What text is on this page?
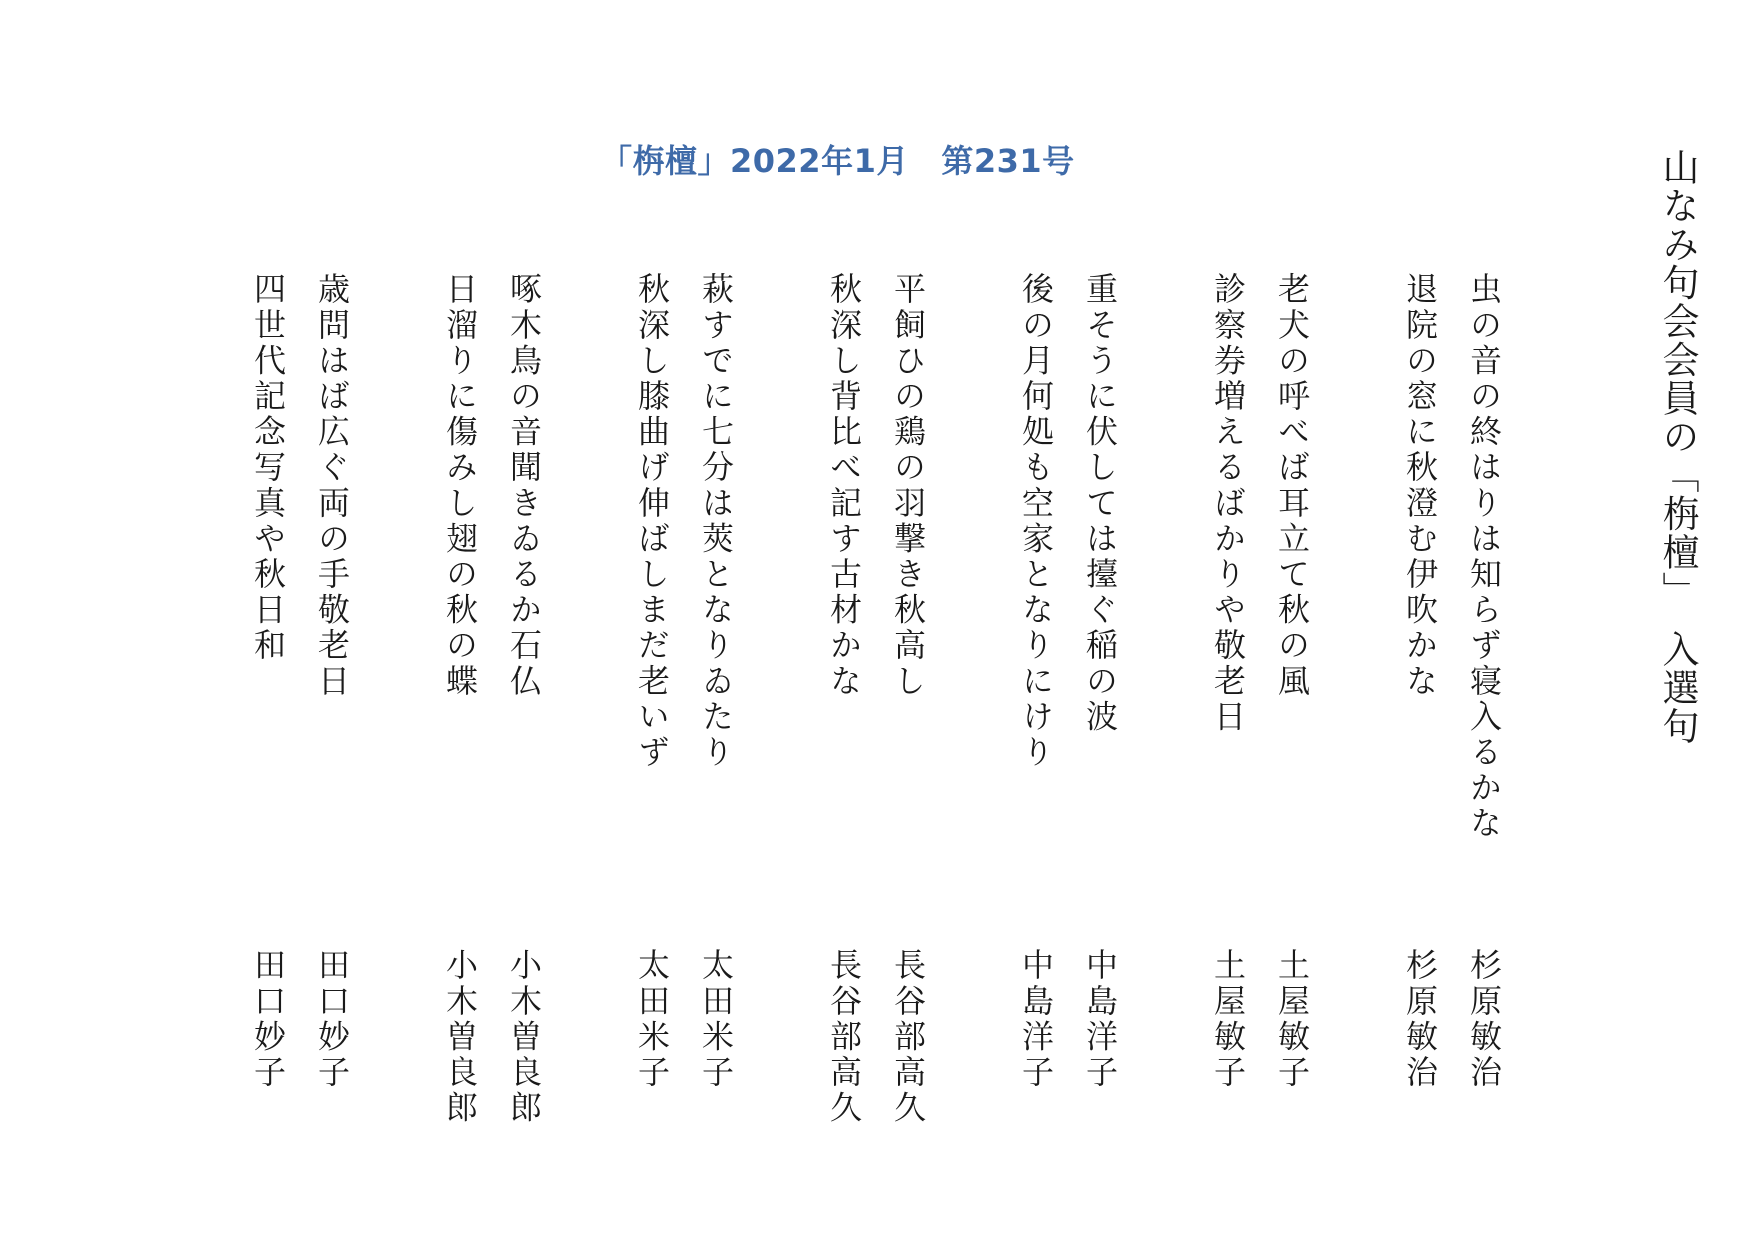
「栴檀」2022年1月　第231号	山なみ句会会員の「栴檀」　入選句
虫の音の終はりは知らず寝入るかな
退院の窓に秋澄む伊吹かな
老犬の呼べば耳立て秋の風
診察券増えるばかりや敬老日
重そうに伏しては擡ぐ稲の波
後の月何処も空家となりにけり
平飼ひの鶏の羽撃き秋高し
秋深し背比べ記す古材かな
萩すでに七分は莢となりゐたり
秋深し膝曲げ伸ばしまだ老いず
啄木鳥の音聞きゐるか石仏
日溜りに傷みし翅の秋の蝶
歳問はば広ぐ両の手敬老日
四世代記念写真や秋日和
杉原敏治
杉原敏治
土屋敏子
土屋敏子
中島洋子
中島洋子
長谷部高久
長谷部高久
太田米子
太田米子
小木曽良郎
小木曽良郎
田口妙子
田口妙子
